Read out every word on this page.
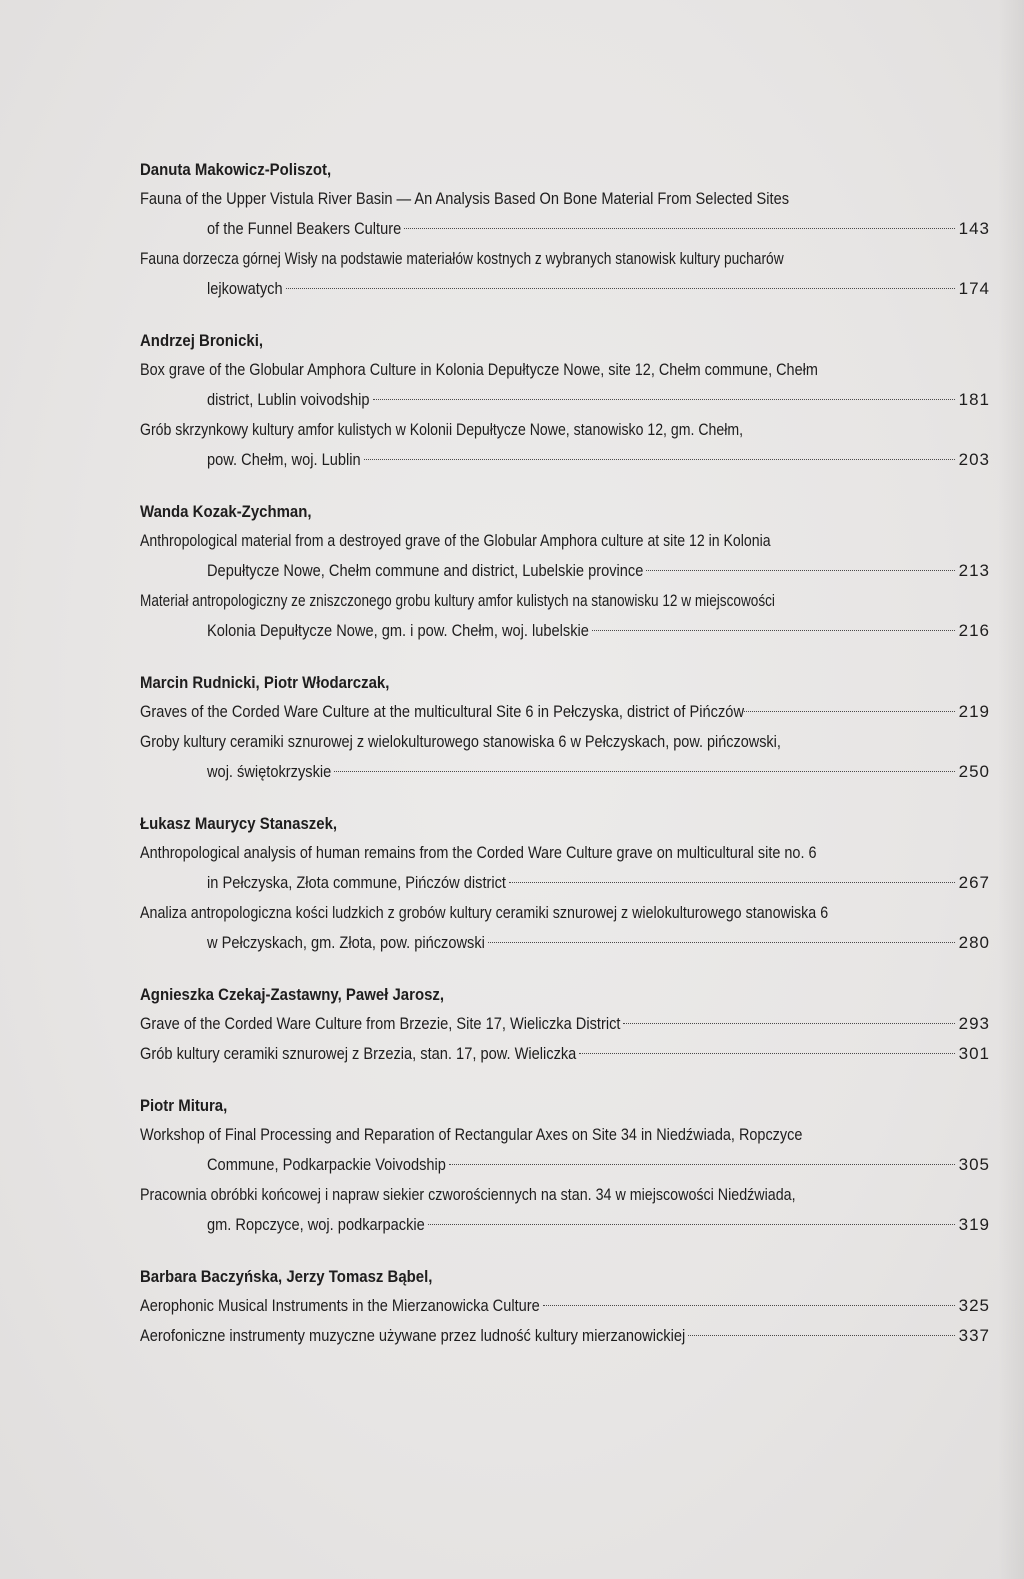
Danuta Makowicz-Poliszot,
Fauna of the Upper Vistula River Basin — An Analysis Based On Bone Material From Selected Sites
of the Funnel Beakers Culture	143
Fauna dorzecza górnej Wisły na podstawie materiałów kostnych z wybranych stanowisk kultury pucharów
lejkowatych	174
Andrzej Bronicki,
Box grave of the Globular Amphora Culture in Kolonia Depułtycze Nowe, site 12, Chełm commune, Chełm
district, Lublin voivodship	181
Grób skrzynkowy kultury amfor kulistych w Kolonii Depułtycze Nowe, stanowisko 12, gm. Chełm,
pow. Chełm, woj. Lublin	203
Wanda Kozak-Zychman,
Anthropological material from a destroyed grave of the Globular Amphora culture at site 12 in Kolonia
Depułtycze Nowe, Chełm commune and district, Lubelskie province	213
Materiał antropologiczny ze zniszczonego grobu kultury amfor kulistych na stanowisku 12 w miejscowości
Kolonia Depułtycze Nowe, gm. i pow. Chełm, woj. lubelskie	216
Marcin Rudnicki, Piotr Włodarczak,
Graves of the Corded Ware Culture at the multicultural Site 6 in Pełczyska, district of Pińczów	219
Groby kultury ceramiki sznurowej z wielokulturowego stanowiska 6 w Pełczyskach, pow. pińczowski,
woj. świętokrzyskie	250
Łukasz Maurycy Stanaszek,
Anthropological analysis of human remains from the Corded Ware Culture grave on multicultural site no. 6
in Pełczyska, Złota commune, Pińczów district	267
Analiza antropologiczna kości ludzkich z grobów kultury ceramiki sznurowej z wielokulturowego stanowiska 6
w Pełczyskach, gm. Złota, pow. pińczowski	280
Agnieszka Czekaj-Zastawny, Paweł Jarosz,
Grave of the Corded Ware Culture from Brzezie, Site 17, Wieliczka District	293
Grób kultury ceramiki sznurowej z Brzezia, stan. 17, pow. Wieliczka	301
Piotr Mitura,
Workshop of Final Processing and Reparation of Rectangular Axes on Site 34 in Niedźwiada, Ropczyce
Commune, Podkarpackie Voivodship	305
Pracownia obróbki końcowej i napraw siekier czworościennych na stan. 34 w miejscowości Niedźwiada,
gm. Ropczyce, woj. podkarpackie	319
Barbara Baczyńska, Jerzy Tomasz Bąbel,
Aerophonic Musical Instruments in the Mierzanowicka Culture	325
Aerofoniczne instrumenty muzyczne używane przez ludność kultury mierzanowickiej	337
